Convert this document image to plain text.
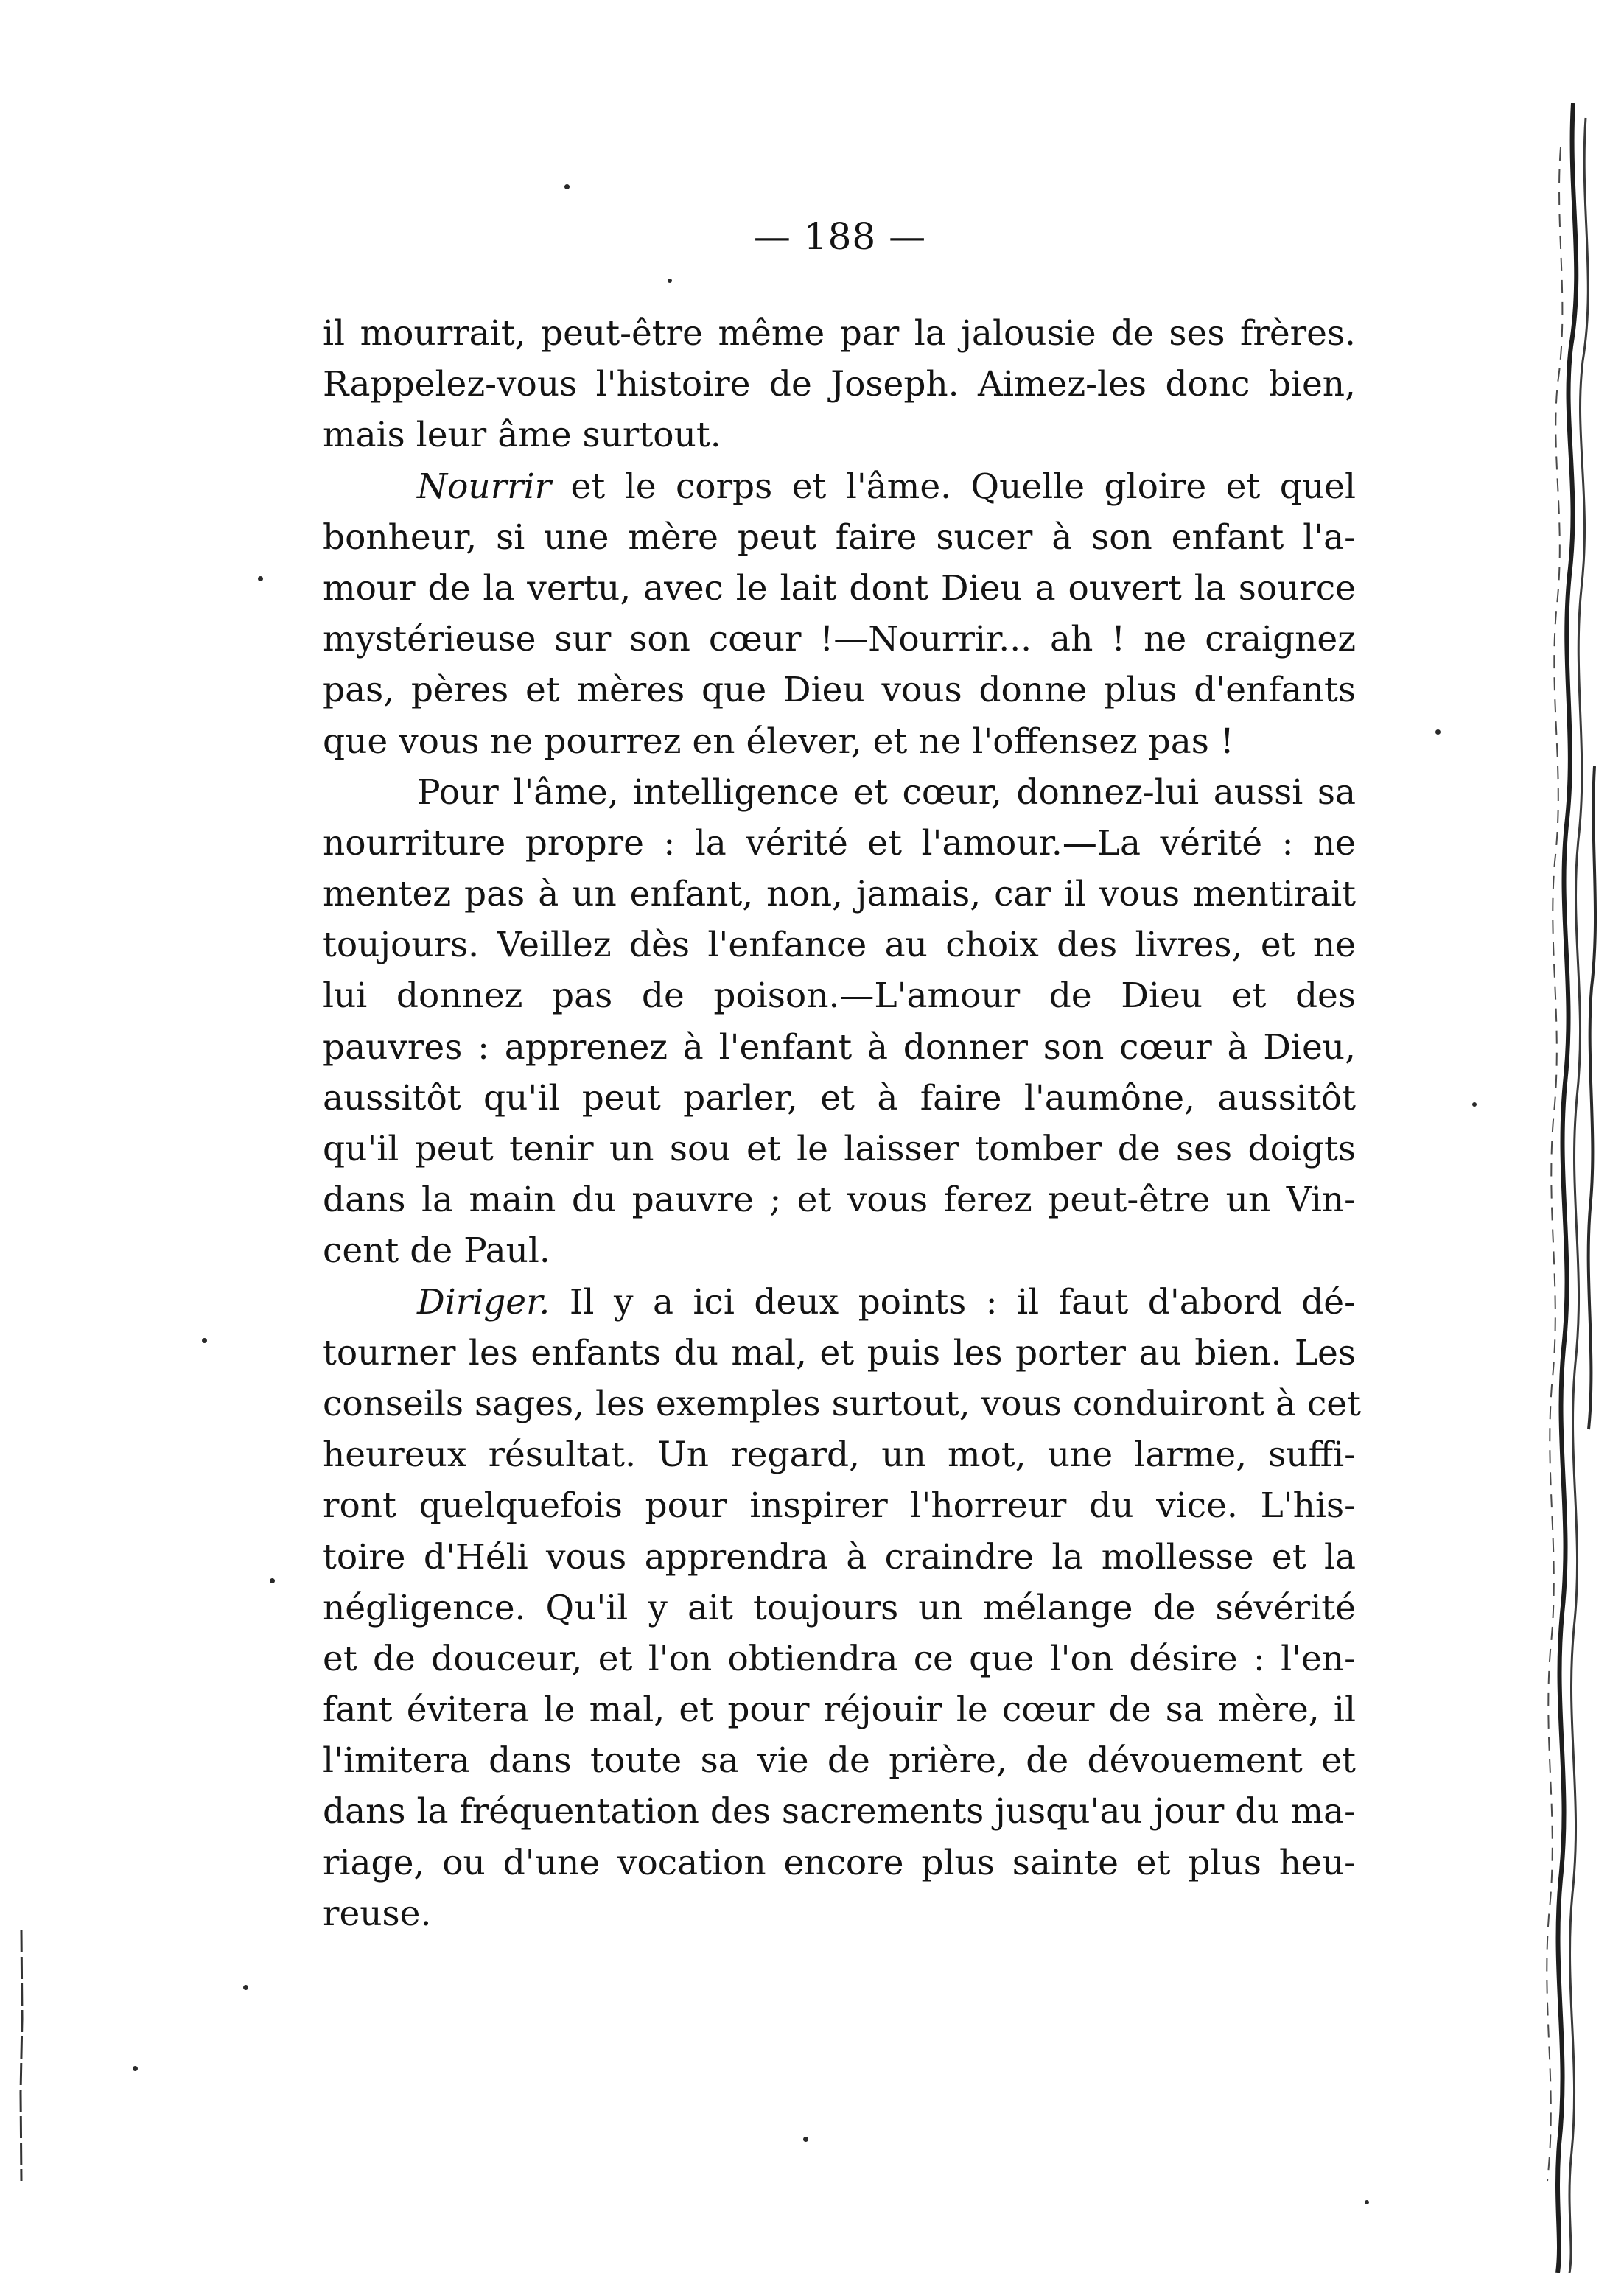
— 188 —
il mourrait, peut-être même par la jalousie de ses frères.
Rappelez-vous l'histoire de Joseph. Aimez-les donc bien,
mais leur âme surtout.
Nourrir et le corps et l'âme. Quelle gloire et quel
bonheur, si une mère peut faire sucer à son enfant l'a-
mour de la vertu, avec le lait dont Dieu a ouvert la source
mystérieuse sur son cœur !—Nourrir... ah ! ne craignez
pas, pères et mères que Dieu vous donne plus d'enfants
que vous ne pourrez en élever, et ne l'offensez pas !
Pour l'âme, intelligence et cœur, donnez-lui aussi sa
nourriture propre : la vérité et l'amour.—La vérité : ne
mentez pas à un enfant, non, jamais, car il vous mentirait
toujours. Veillez dès l'enfance au choix des livres, et ne
lui donnez pas de poison.—L'amour de Dieu et des
pauvres : apprenez à l'enfant à donner son cœur à Dieu,
aussitôt qu'il peut parler, et à faire l'aumône, aussitôt
qu'il peut tenir un sou et le laisser tomber de ses doigts
dans la main du pauvre ; et vous ferez peut-être un Vin-
cent de Paul.
Diriger. Il y a ici deux points : il faut d'abord dé-
tourner les enfants du mal, et puis les porter au bien. Les
conseils sages, les exemples surtout, vous conduiront à cet
heureux résultat. Un regard, un mot, une larme, suffi-
ront quelquefois pour inspirer l'horreur du vice. L'his-
toire d'Héli vous apprendra à craindre la mollesse et la
négligence. Qu'il y ait toujours un mélange de sévérité
et de douceur, et l'on obtiendra ce que l'on désire : l'en-
fant évitera le mal, et pour réjouir le cœur de sa mère, il
l'imitera dans toute sa vie de prière, de dévouement et
dans la fréquentation des sacrements jusqu'au jour du ma-
riage, ou d'une vocation encore plus sainte et plus heu-
reuse.
